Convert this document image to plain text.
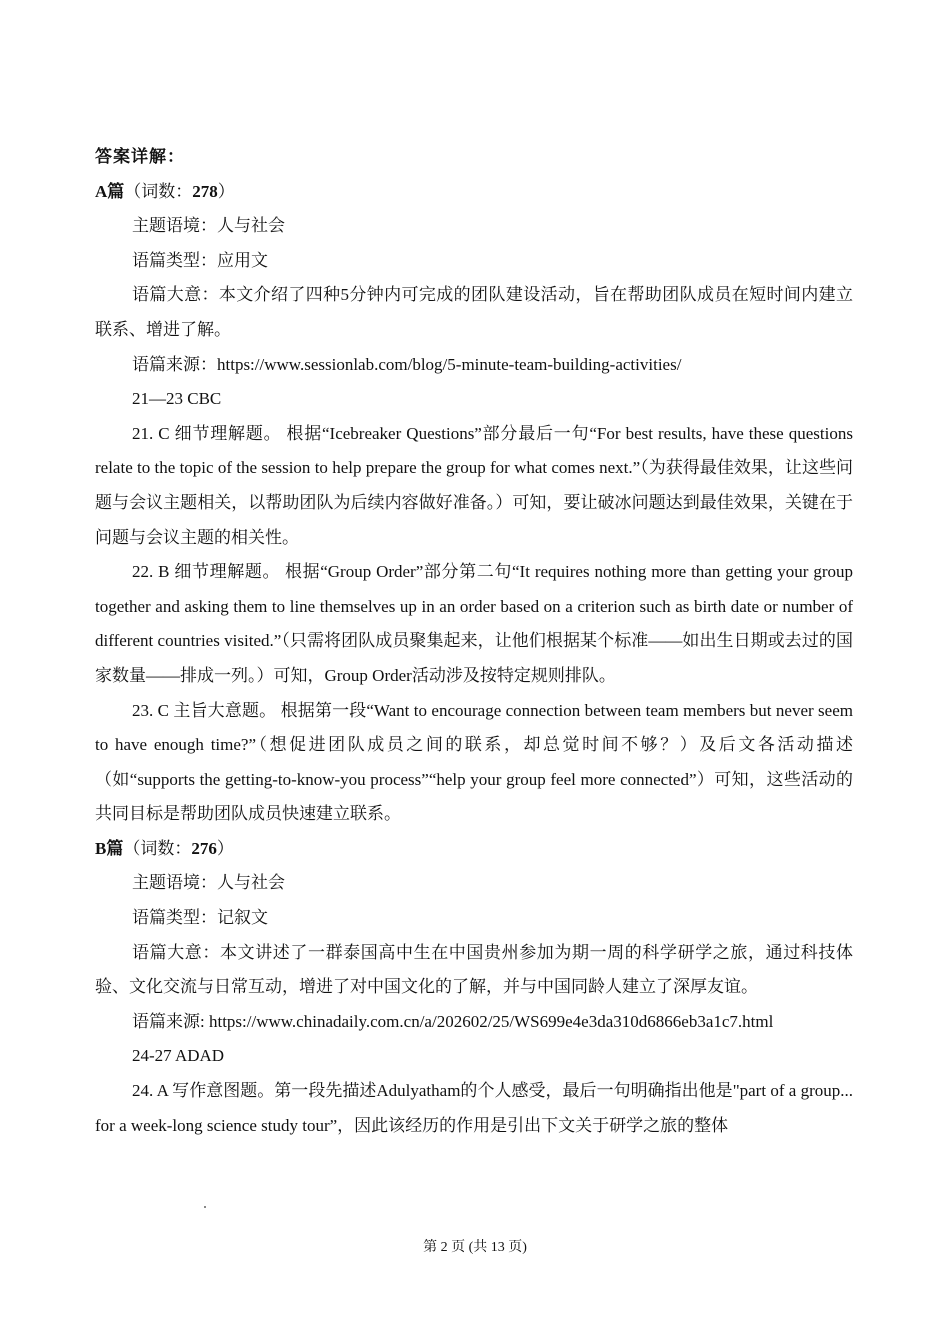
答案详解：
A篇（词数：278）
主题语境：人与社会
语篇类型：应用文

语篇大意：本文介绍了四种5分钟内可完成的团队建设活动，旨在帮助团队成员在短时间内建立联系、增进了解。

语篇来源：https://www.sessionlab.com/blog/5-minute-team-building-activities/
21—23 CBC

21. C 细节理解题。 根据“Icebreaker Questions”部分最后一句“For best results, have these questions relate to the topic of the session to help prepare the group for what comes next.”（为获得最佳效果，让这些问题与会议主题相关，以帮助团队为后续内容做好准备。）可知，要让破冰问题达到最佳效果，关键在于问题与会议主题的相关性。

22. B 细节理解题。 根据“Group Order”部分第二句“It requires nothing more than getting your group together and asking them to line themselves up in an order based on a criterion such as birth date or number of different countries visited.”（只需将团队成员聚集起来，让他们根据某个标准——如出生日期或去过的国家数量——排成一列。）可知，Group Order活动涉及按特定规则排队。

23. C 主旨大意题。 根据第一段“Want to encourage connection between team members but never seem to have enough time?”（想促进团队成员之间的联系，却总觉时间不够？）及后文各活动描述（如“supports the getting-to-know-you process”“help your group feel more connected”）可知，这些活动的共同目标是帮助团队成员快速建立联系。

B篇（词数：276）
主题语境：人与社会
语篇类型：记叙文

语篇大意：本文讲述了一群泰国高中生在中国贵州参加为期一周的科学研学之旅，通过科技体验、文化交流与日常互动，增进了对中国文化的了解，并与中国同龄人建立了深厚友谊。

语篇来源: https://www.chinadaily.com.cn/a/202602/25/WS699e4e3da310d6866eb3a1c7.html
24-27 ADAD

24. A 写作意图题。第一段先描述Adulyatham的个人感受，最后一句明确指出他是"part of a group... for a week-long science study tour”，因此该经历的作用是引出下文关于研学之旅的整体

第 2 页 (共 13 页)
